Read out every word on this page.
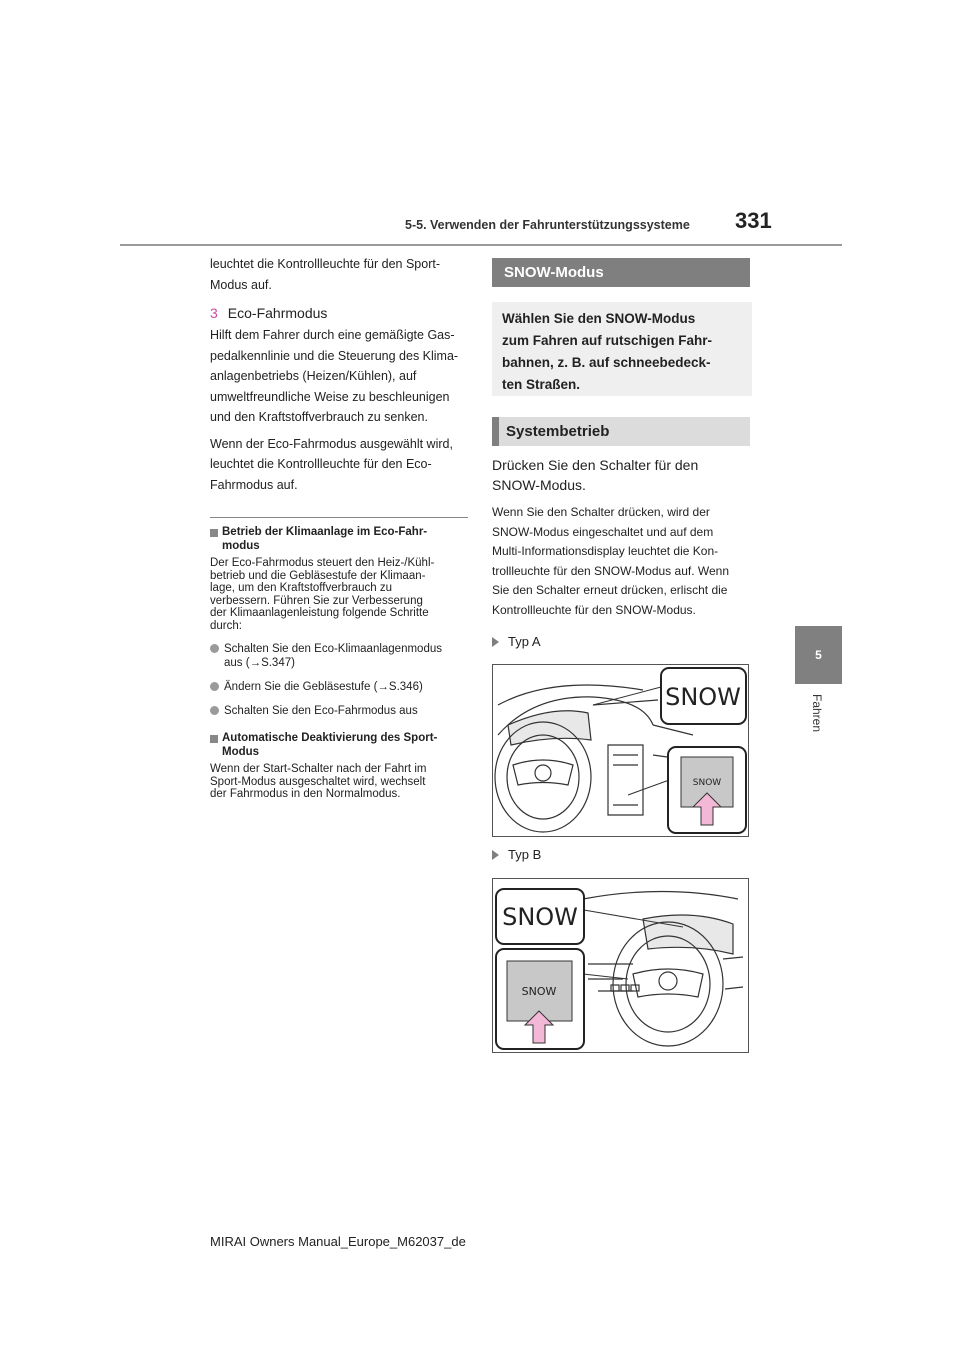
5-5. Verwenden der Fahrunterstützungssysteme 331
5
Fahren

leuchtet die Kontrollleuchte für den Sport-

Modus auf.

3 Eco-Fahrmodus

Hilft dem Fahrer durch eine gemäßigte Gas-

pedalkennlinie und die Steuerung des Klima-

anlagenbetriebs (Heizen/Kühlen), auf

umweltfreundliche Weise zu beschleunigen

und den Kraftstoffverbrauch zu senken.

Wenn der Eco-Fahrmodus ausgewählt wird,

leuchtet die Kontrollleuchte für den Eco-

Fahrmodus auf.

Betrieb der Klimaanlage im Eco-Fahr-
modus

Der Eco-Fahrmodus steuert den Heiz-/Kühl-
betrieb und die Gebläsestufe der Klimaan-
lage, um den Kraftstoffverbrauch zu
verbessern. Führen Sie zur Verbesserung
der Klimaanlagenleistung folgende Schritte
durch:

Schalten Sie den Eco-Klimaanlagenmodus
aus (→S.347)
Ändern Sie die Gebläsestufe (→S.346)
Schalten Sie den Eco-Fahrmodus aus
Automatische Deaktivierung des Sport-
Modus

Wenn der Start-Schalter nach der Fahrt im
Sport-Modus ausgeschaltet wird, wechselt
der Fahrmodus in den Normalmodus.

SNOW-Modus

Wählen Sie den SNOW-Modus

zum Fahren auf rutschigen Fahr-

bahnen, z. B. auf schneebedeck-

ten Straßen.

Systembetrieb
Drücken Sie den Schalter für den
SNOW-Modus.
Wenn Sie den Schalter drücken, wird der
SNOW-Modus eingeschaltet und auf dem
Multi-Informationsdisplay leuchtet die Kon-
trollleuchte für den SNOW-Modus auf. Wenn
Sie den Schalter erneut drücken, erlischt die
Kontrollleuchte für den SNOW-Modus.
Typ A
SNOW
SNOW
Typ B
SNOW
SNOW
MIRAI Owners Manual_Europe_M62037_de
